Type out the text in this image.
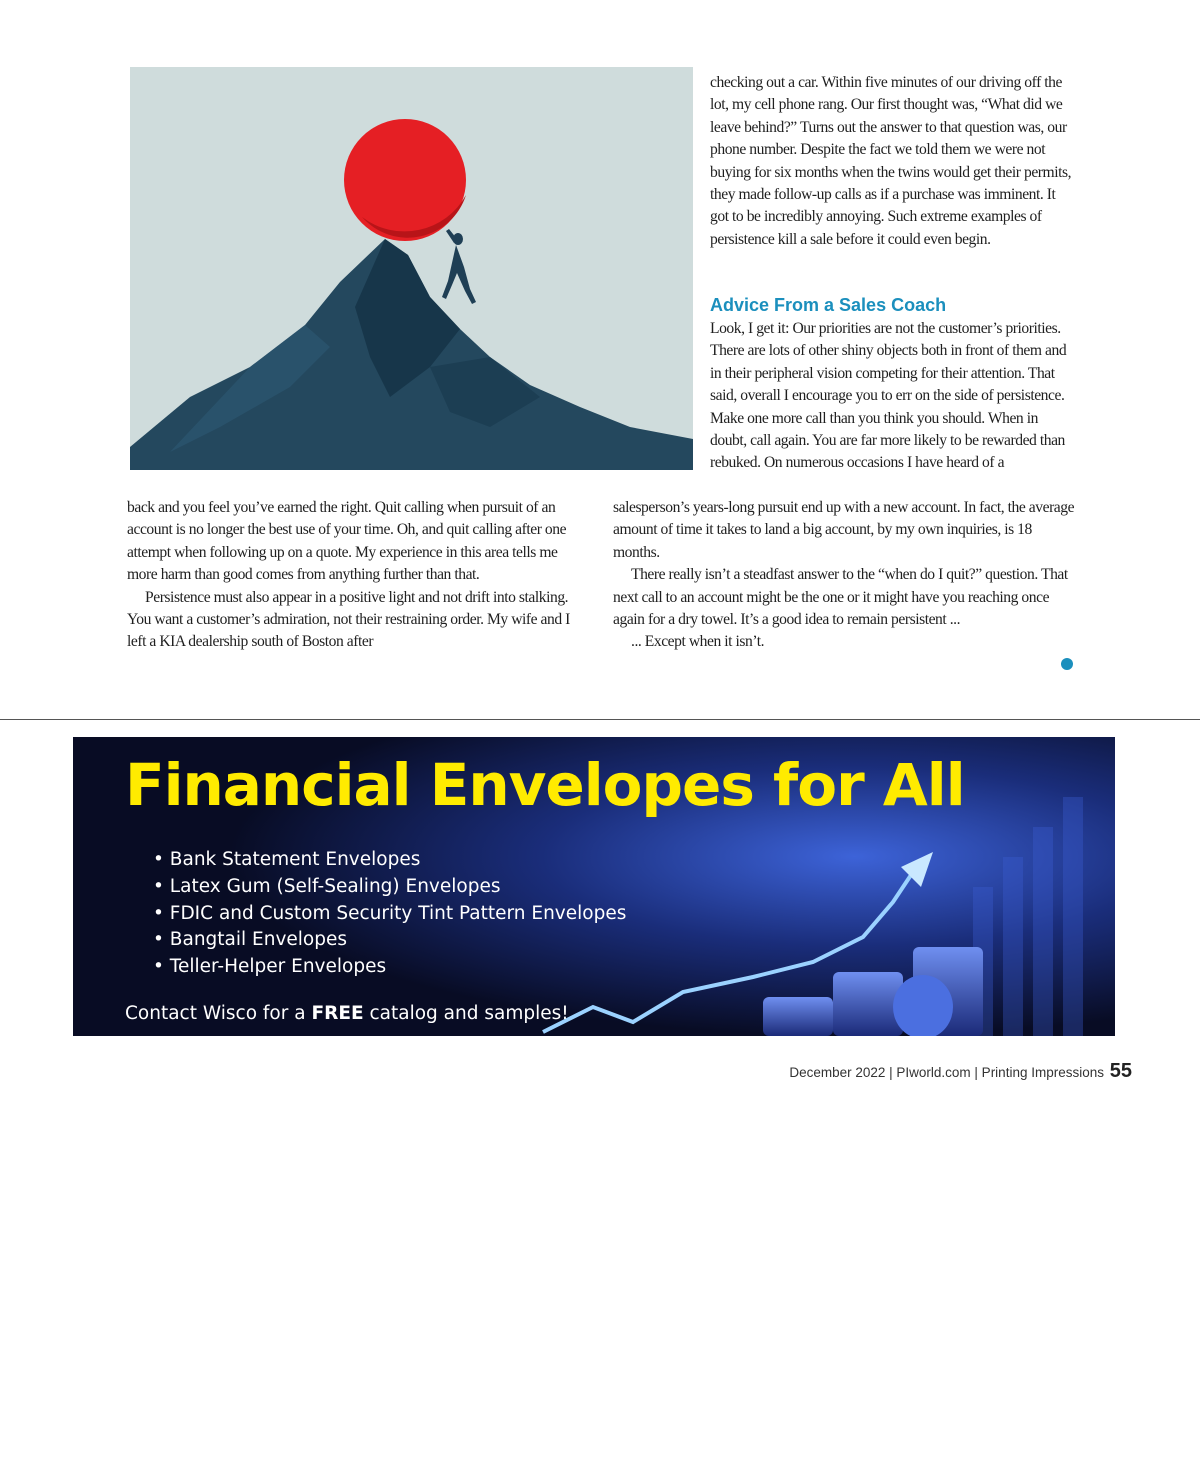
checking out a car. Within five minutes of our driving off the lot, my cell phone rang. Our first thought was, “What did we leave behind?” Turns out the answer to that question was, our phone number. Despite the fact we told them we were not buying for six months when the twins would get their permits, they made follow-up calls as if a purchase was imminent. It got to be incredibly annoying. Such extreme examples of persistence kill a sale before it could even begin.

Advice From a Sales Coach

Look, I get it: Our priorities are not the customer’s priorities. There are lots of other shiny objects both in front of them and in their peripheral vision competing for their attention. That said, overall I encourage you to err on the side of persistence. Make one more call than you think you should. When in doubt, call again. You are far more likely to be rewarded than rebuked. On numerous occasions I have heard of a

back and you feel you’ve earned the right. Quit calling when pursuit of an account is no longer the best use of your time. Oh, and quit calling after one attempt when following up on a quote. My experience in this area tells me more harm than good comes from anything further than that.

Persistence must also appear in a positive light and not drift into stalking. You want a customer’s admiration, not their restraining order. My wife and I left a KIA dealership south of Boston after

salesperson’s years-long pursuit end up with a new account. In fact, the average amount of time it takes to land a big account, by my own inquiries, is 18 months.

There really isn’t a steadfast answer to the “when do I quit?” question. That next call to an account might be the one or it might have you reaching once again for a dry towel. It’s a good idea to remain persistent ...

... Except when it isn’t.

Financial Envelopes for All
• Bank Statement Envelopes
• Latex Gum (Self-Sealing) Envelopes
• FDIC and Custom Security Tint Pattern Envelopes
• Bangtail Envelopes
• Teller-Helper Envelopes

Contact Wisco for a FREE catalog and samples!

December 2022 | PIworld.com | Printing Impressions 55
